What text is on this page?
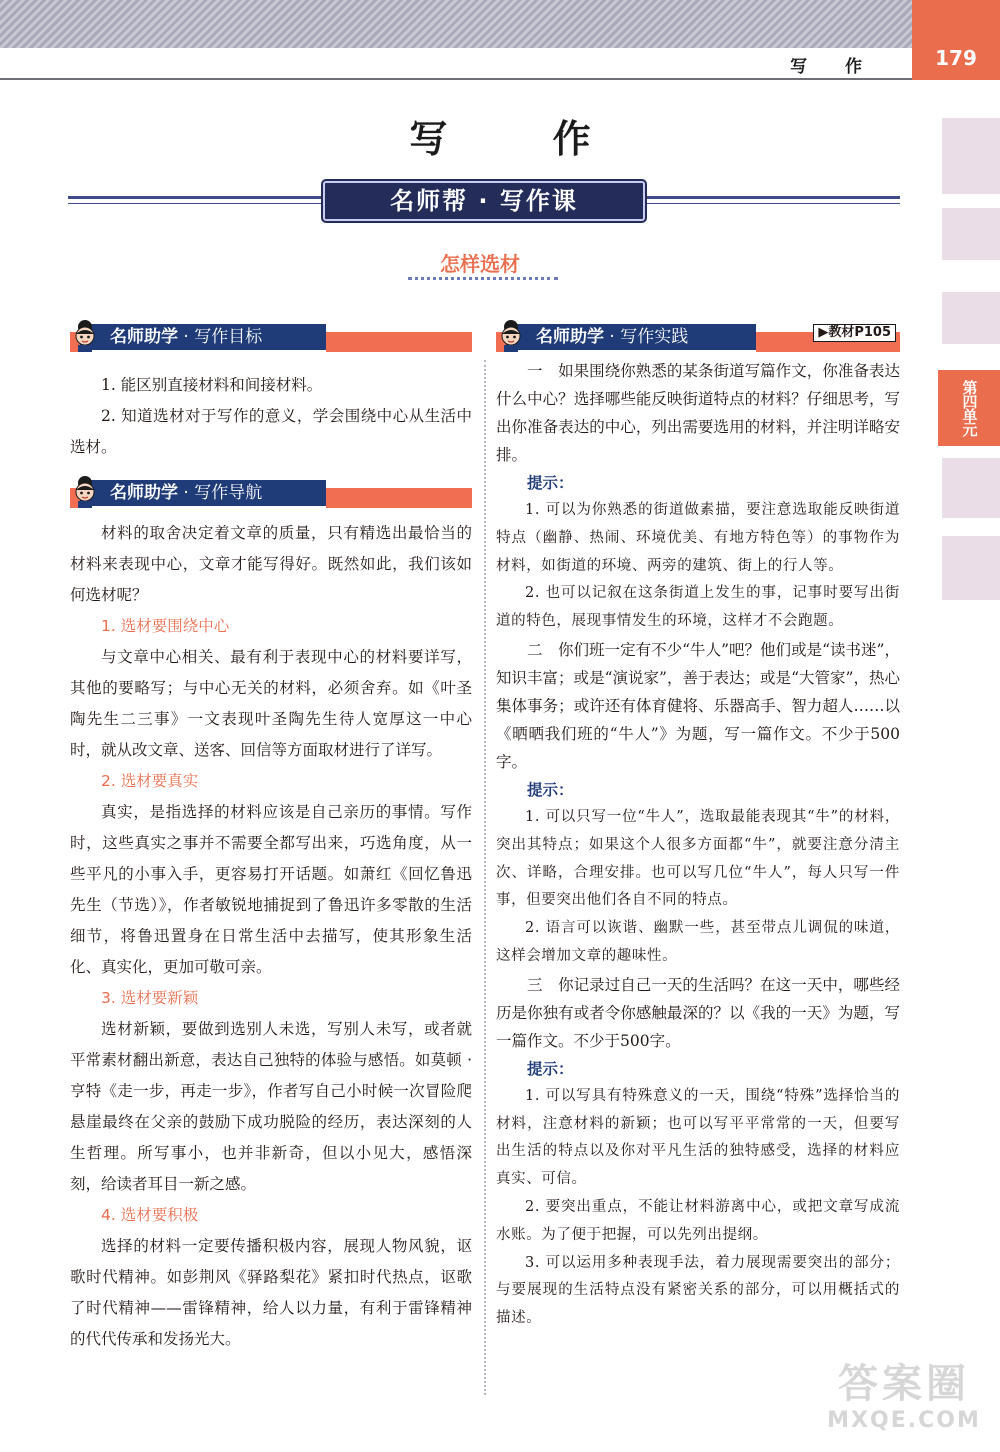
写 作	179
第四单元
写 作
名师帮 · 写作课
怎样选材
名师助学 · 写作目标

1. 能区别直接材料和间接材料。

2. 知道选材对于写作的意义，学会围绕中心从生活中选材。

名师助学 · 写作导航

材料的取舍决定着文章的质量，只有精选出最恰当的材料来表现中心，文章才能写得好。既然如此，我们该如何选材呢？

1. 选材要围绕中心

与文章中心相关、最有利于表现中心的材料要详写，其他的要略写；与中心无关的材料，必须舍弃。如《叶圣陶先生二三事》一文表现叶圣陶先生待人宽厚这一中心时，就从改文章、送客、回信等方面取材进行了详写。

2. 选材要真实

真实，是指选择的材料应该是自己亲历的事情。写作时，这些真实之事并不需要全都写出来，巧选角度，从一些平凡的小事入手，更容易打开话题。如萧红《回忆鲁迅先生（节选）》，作者敏锐地捕捉到了鲁迅许多零散的生活细节，将鲁迅置身在日常生活中去描写，使其形象生活化、真实化，更加可敬可亲。

3. 选材要新颖

选材新颖，要做到选别人未选，写别人未写，或者就平常素材翻出新意，表达自己独特的体验与感悟。如莫顿 · 亨特《走一步，再走一步》，作者写自己小时候一次冒险爬悬崖最终在父亲的鼓励下成功脱险的经历，表达深刻的人生哲理。所写事小，也并非新奇，但以小见大，感悟深刻，给读者耳目一新之感。

4. 选材要积极

选择的材料一定要传播积极内容，展现人物风貌，讴歌时代精神。如彭荆风《驿路梨花》紧扣时代热点，讴歌了时代精神——雷锋精神，给人以力量，有利于雷锋精神的代代传承和发扬光大。

名师助学 · 写作实践	▶教材P105

一　如果围绕你熟悉的某条街道写篇作文，你准备表达什么中心？选择哪些能反映街道特点的材料？仔细思考，写出你准备表达的中心，列出需要选用的材料，并注明详略安排。

提示：

1. 可以为你熟悉的街道做素描，要注意选取能反映街道特点（幽静、热闹、环境优美、有地方特色等）的事物作为材料，如街道的环境、两旁的建筑、街上的行人等。

2. 也可以记叙在这条街道上发生的事，记事时要写出街道的特色，展现事情发生的环境，这样才不会跑题。

二　你们班一定有不少“牛人”吧？他们或是“读书迷”，知识丰富；或是“演说家”，善于表达；或是“大管家”，热心集体事务；或许还有体育健将、乐器高手、智力超人……以《晒晒我们班的“牛人”》为题，写一篇作文。不少于500字。

提示：

1. 可以只写一位“牛人”，选取最能表现其“牛”的材料，突出其特点；如果这个人很多方面都“牛”，就要注意分清主次、详略，合理安排。也可以写几位“牛人”，每人只写一件事，但要突出他们各自不同的特点。

2. 语言可以诙谐、幽默一些，甚至带点儿调侃的味道，这样会增加文章的趣味性。

三　你记录过自己一天的生活吗？在这一天中，哪些经历是你独有或者令你感触最深的？以《我的一天》为题，写一篇作文。不少于500字。

提示：

1. 可以写具有特殊意义的一天，围绕“特殊”选择恰当的材料，注意材料的新颖；也可以写平平常常的一天，但要写出生活的特点以及你对平凡生活的独特感受，选择的材料应真实、可信。

2. 要突出重点，不能让材料游离中心，或把文章写成流水账。为了便于把握，可以先列出提纲。

3. 可以运用多种表现手法，着力展现需要突出的部分；与要展现的生活特点没有紧密关系的部分，可以用概括式的描述。

答案圈
MXQE.COM
